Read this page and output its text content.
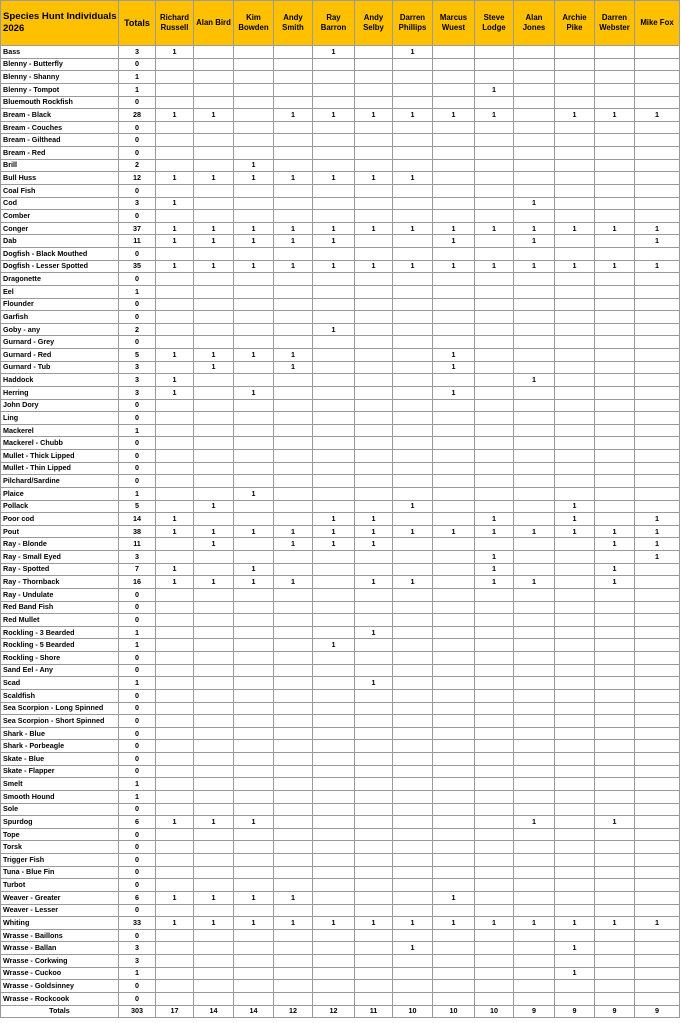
Species Hunt Individuals 2026	Totals	Richard Russell	Alan Bird	Kim Bowden	Andy Smith	Ray Barron	Andy Selby	Darren Phillips	Marcus Wuest	Steve Lodge	Alan Jones	Archie Pike	Darren Webster	Mike Fox
Bass	3	1				1		1						
Blenny - Butterfly	0													
Blenny - Shanny	1													
Blenny - Tompot	1									1				
Bluemouth Rockfish	0													
Bream - Black	28	1	1		1	1	1	1	1	1		1	1	1
Bream - Couches	0													
Bream - Gilthead	0													
Bream - Red	0													
Brill	2			1										
Bull Huss	12	1	1	1	1	1	1	1						
Coal Fish	0													
Cod	3	1									1			
Comber	0													
Conger	37	1	1	1	1	1	1	1	1	1	1	1	1	1
Dab	11	1	1	1	1	1			1		1			1
Dogfish - Black Mouthed	0													
Dogfish - Lesser Spotted	35	1	1	1	1	1	1	1	1	1	1	1	1	1
Dragonette	0													
Eel	1													
Flounder	0													
Garfish	0													
Goby - any	2					1								
Gurnard - Grey	0													
Gurnard - Red	5	1	1	1	1				1					
Gurnard - Tub	3		1		1				1					
Haddock	3	1									1			
Herring	3	1		1					1					
John Dory	0													
Ling	0													
Mackerel	1													
Mackerel - Chubb	0													
Mullet - Thick Lipped	0													
Mullet - Thin Lipped	0													
Pilchard/Sardine	0													
Plaice	1			1										
Pollack	5		1					1				1		
Poor cod	14	1				1	1			1		1		1
Pout	38	1	1	1	1	1	1	1	1	1	1	1	1	1
Ray - Blonde	11		1		1	1	1						1	1
Ray - Small Eyed	3									1				1
Ray - Spotted	7	1		1						1			1	
Ray - Thornback	16	1	1	1	1		1	1		1	1		1	
Ray - Undulate	0													
Red Band Fish	0													
Red Mullet	0													
Rockling - 3 Bearded	1						1							
Rockling - 5 Bearded	1					1								
Rockling - Shore	0													
Sand Eel - Any	0													
Scad	1						1							
Scaldfish	0													
Sea Scorpion - Long Spinned	0													
Sea Scorpion - Short Spinned	0													
Shark - Blue	0													
Shark - Porbeagle	0													
Skate - Blue	0													
Skate - Flapper	0													
Smelt	1													
Smooth Hound	1													
Sole	0													
Spurdog	6	1	1	1							1		1	
Tope	0													
Torsk	0													
Trigger Fish	0													
Tuna - Blue Fin	0													
Turbot	0													
Weaver - Greater	6	1	1	1	1				1					
Weaver - Lesser	0													
Whiting	33	1	1	1	1	1	1	1	1	1	1	1	1	1
Wrasse - Baillons	0													
Wrasse - Ballan	3							1				1		
Wrasse - Corkwing	3													
Wrasse - Cuckoo	1											1		
Wrasse - Goldsinney	0													
Wrasse - Rockcook	0													
Totals	303	17	14	14	12	12	11	10	10	10	9	9	9	9
